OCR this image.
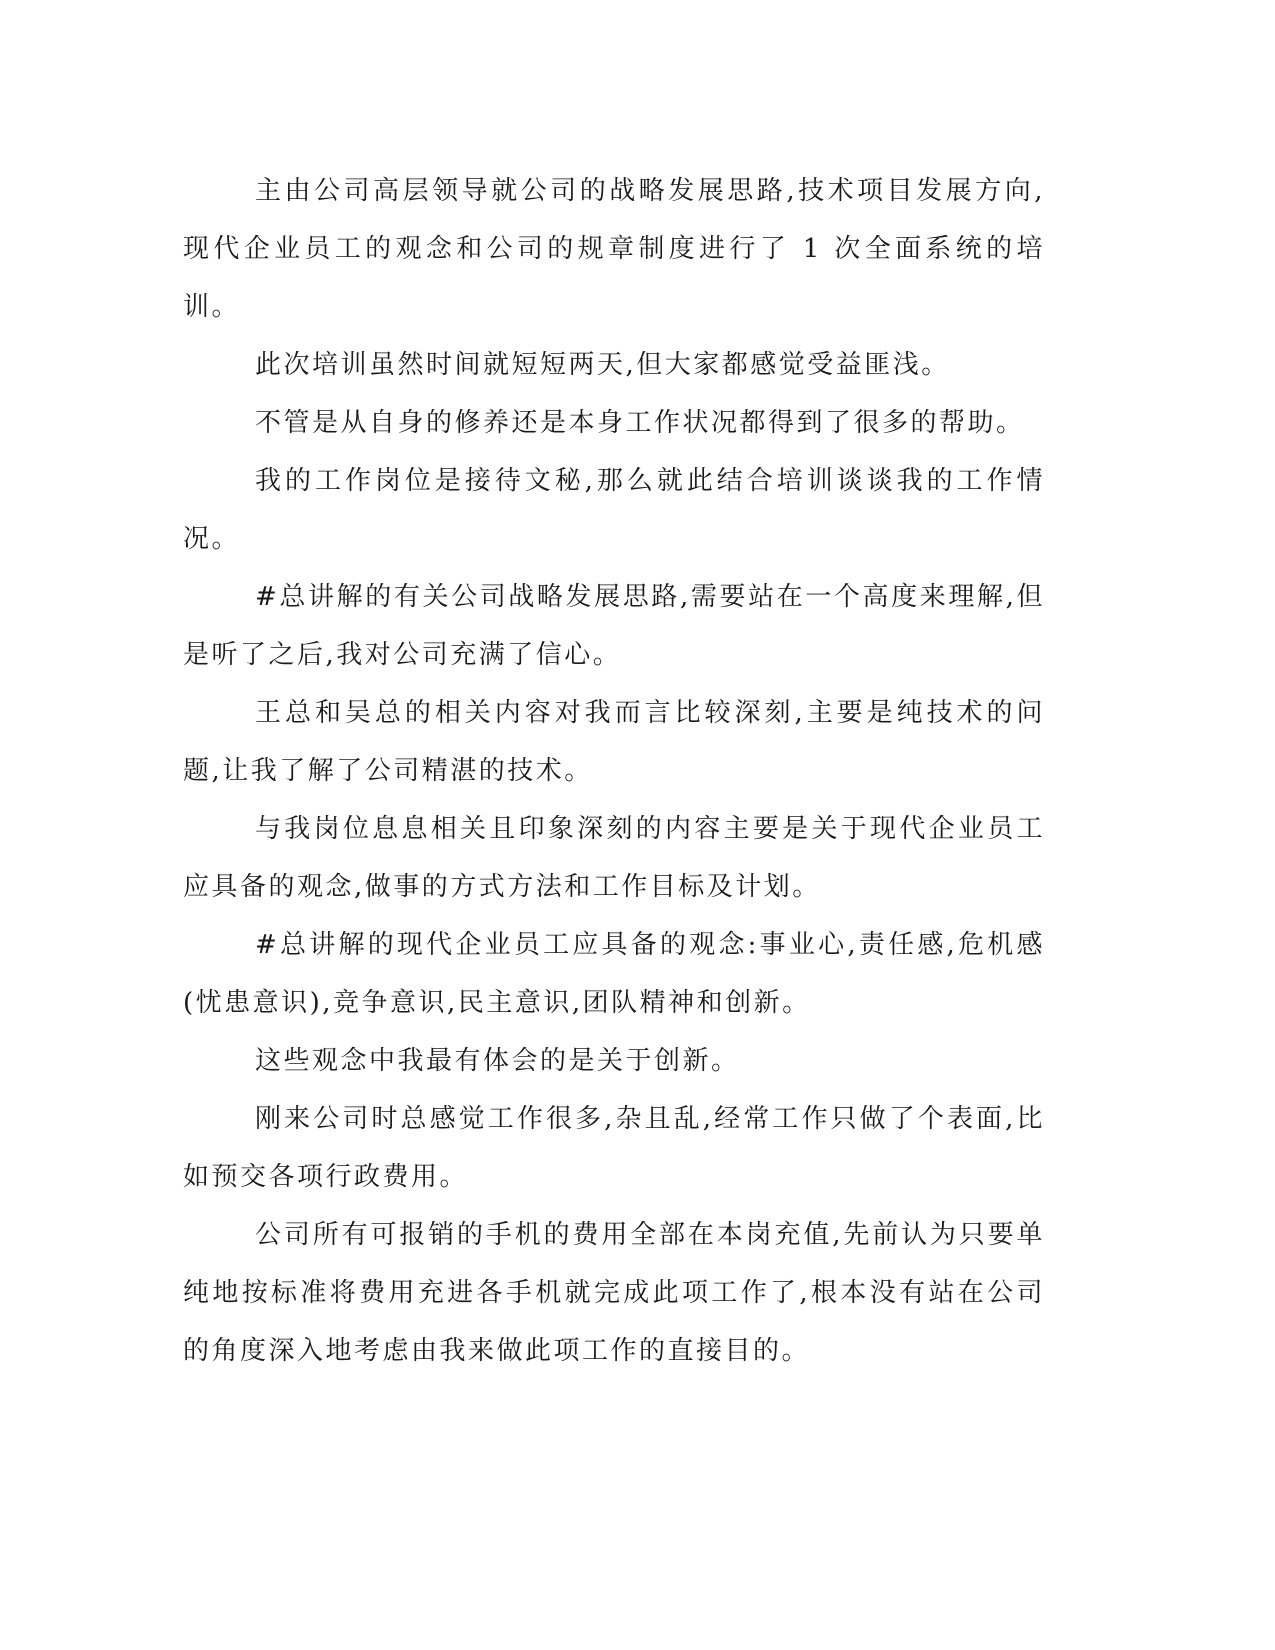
主由公司高层领导就公司的战略发展思路,技术项目发展方向,现代企业员工的观念和公司的规章制度进行了 1 次全面系统的培训。

此次培训虽然时间就短短两天,但大家都感觉受益匪浅。

不管是从自身的修养还是本身工作状况都得到了很多的帮助。

我的工作岗位是接待文秘,那么就此结合培训谈谈我的工作情况。

#总讲解的有关公司战略发展思路,需要站在一个高度来理解,但是听了之后,我对公司充满了信心。

王总和吴总的相关内容对我而言比较深刻,主要是纯技术的问题,让我了解了公司精湛的技术。

与我岗位息息相关且印象深刻的内容主要是关于现代企业员工应具备的观念,做事的方式方法和工作目标及计划。

#总讲解的现代企业员工应具备的观念:事业心,责任感,危机感(忧患意识),竞争意识,民主意识,团队精神和创新。

这些观念中我最有体会的是关于创新。

刚来公司时总感觉工作很多,杂且乱,经常工作只做了个表面,比如预交各项行政费用。

公司所有可报销的手机的费用全部在本岗充值,先前认为只要单纯地按标准将费用充进各手机就完成此项工作了,根本没有站在公司的角度深入地考虑由我来做此项工作的直接目的。
